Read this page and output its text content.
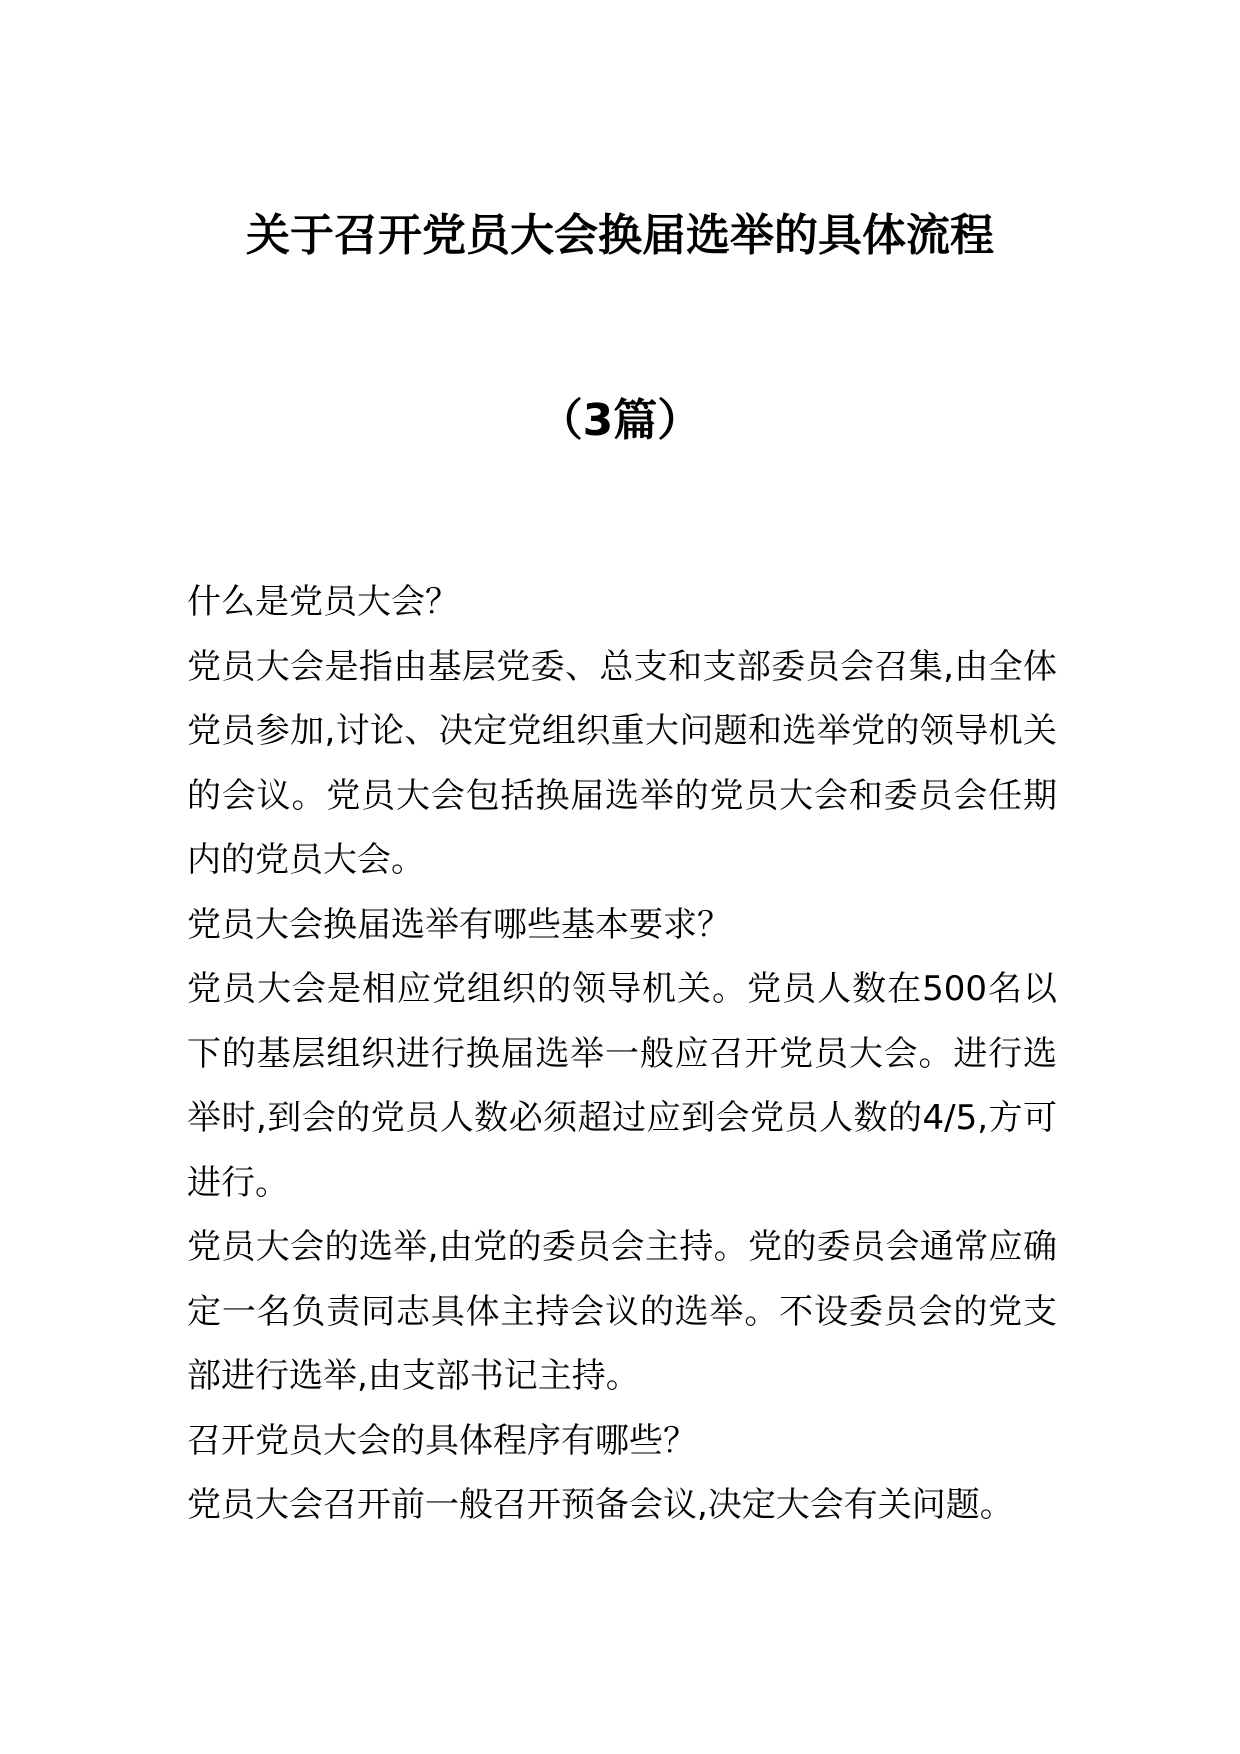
关于召开党员大会换届选举的具体流程
（3篇）

什么是党员大会？

党员大会是指由基层党委、总支和支部委员会召集,由全体党员参加,讨论、决定党组织重大问题和选举党的领导机关的会议。党员大会包括换届选举的党员大会和委员会任期内的党员大会。

党员大会换届选举有哪些基本要求？

党员大会是相应党组织的领导机关。党员人数在500名以下的基层组织进行换届选举一般应召开党员大会。进行选举时,到会的党员人数必须超过应到会党员人数的4/5,方可进行。

党员大会的选举,由党的委员会主持。党的委员会通常应确定一名负责同志具体主持会议的选举。不设委员会的党支部进行选举,由支部书记主持。

召开党员大会的具体程序有哪些？

党员大会召开前一般召开预备会议,决定大会有关问题。
